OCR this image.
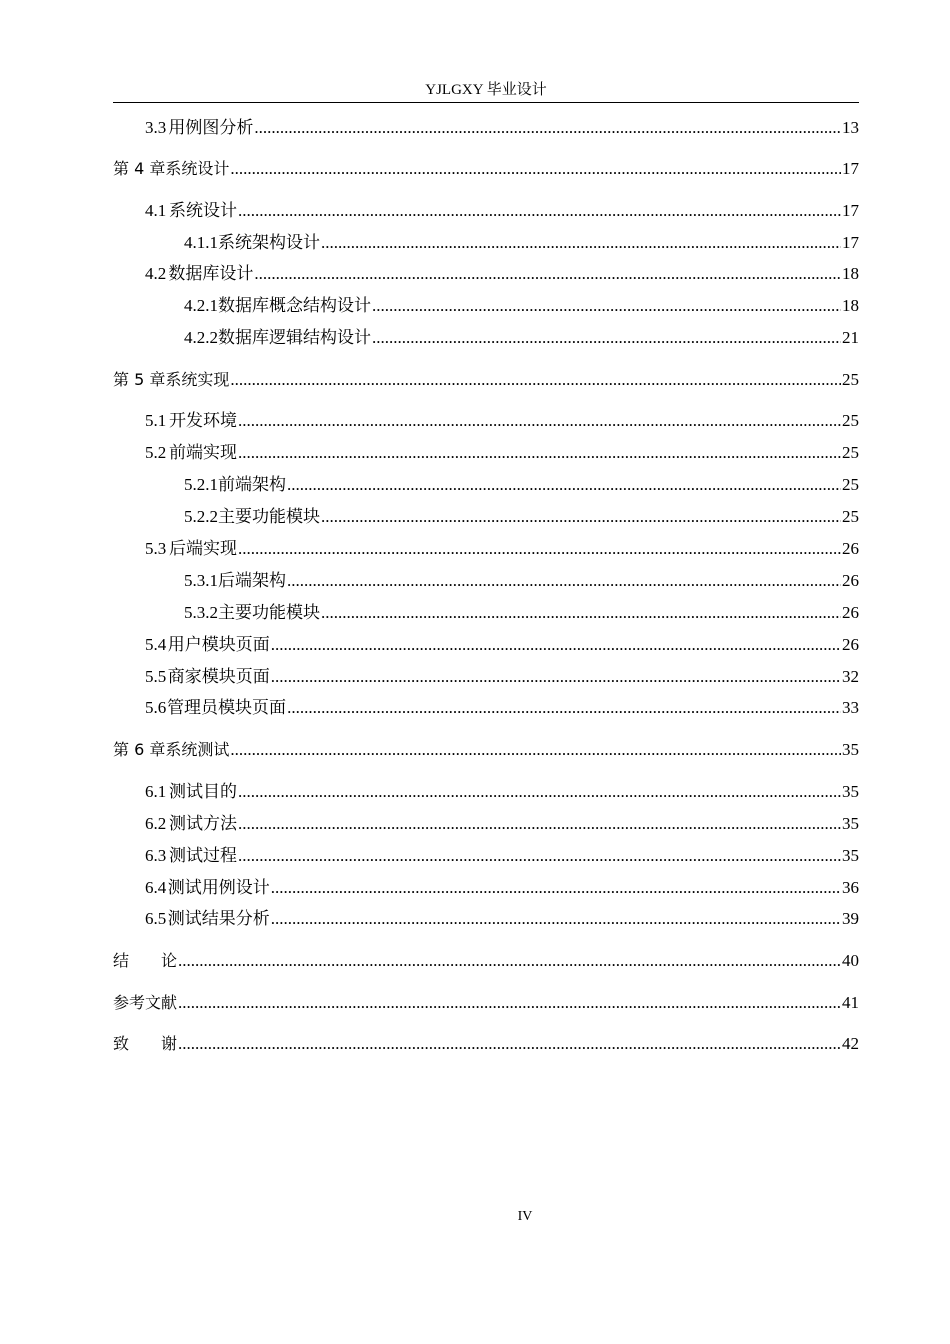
YJLGXY 毕业设计
3.3 用例图分析 .....	13
第 4 章 系统设计 .....	17
4.1 系统设计 .....	17
4.1.1 系统架构设计 .....	17
4.2 数据库设计 .....	18
4.2.1 数据库概念结构设计 .....	18
4.2.2 数据库逻辑结构设计 .....	21
第 5 章 系统实现 .....	25
5.1 开发环境 .....	25
5.2 前端实现 .....	25
5.2.1 前端架构 .....	25
5.2.2 主要功能模块 .....	25
5.3 后端实现 .....	26
5.3.1 后端架构 .....	26
5.3.2 主要功能模块 .....	26
5.4 用户模块页面 .....	26
5.5 商家模块页面 .....	32
5.6 管理员模块页面 .....	33
第 6 章 系统测试 .....	35
6.1 测试目的 .....	35
6.2 测试方法 .....	35
6.3 测试过程 .....	35
6.4 测试用例设计 .....	36
6.5 测试结果分析 .....	39
结　　论 .....	40
参考文献 .....	41
致　　谢 .....	42
IV
